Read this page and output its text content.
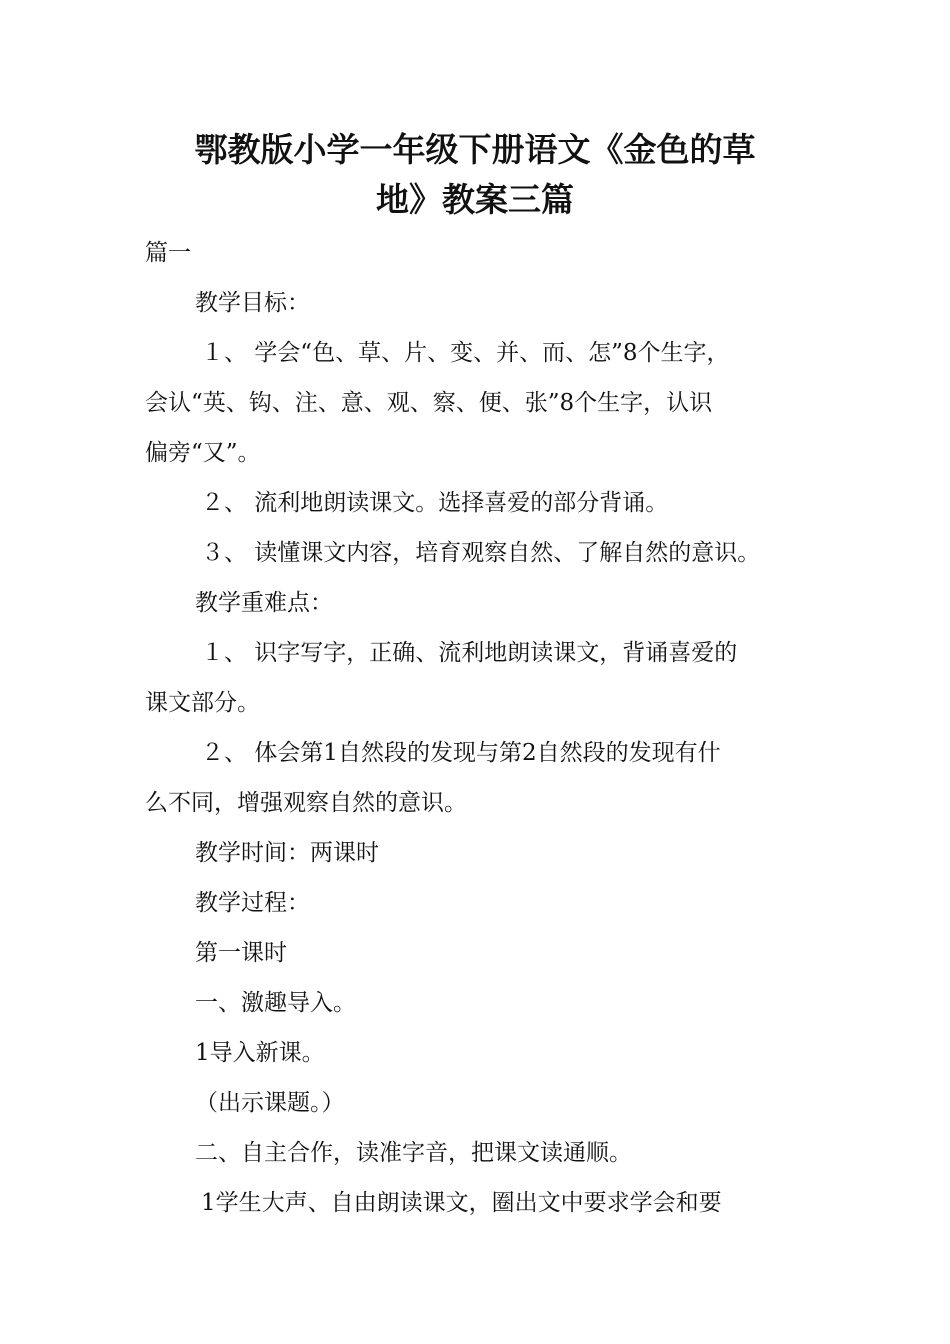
鄂教版小学一年级下册语文《金色的草
地》教案三篇

篇一

教学目标：

１、 学会“色、草、片、变、并、而、怎”8个生字，

会认“英、钩、注、意、观、察、便、张”8个生字，认识

偏旁“又”。

２、 流利地朗读课文。选择喜爱的部分背诵。

３、 读懂课文内容，培育观察自然、了解自然的意识。

教学重难点：

１、 识字写字，正确、流利地朗读课文，背诵喜爱的

课文部分。

２、 体会第1自然段的发现与第2自然段的发现有什

么不同，增强观察自然的意识。

教学时间：两课时

教学过程：

第一课时

一、激趣导入。

1导入新课。

（出示课题。）

二、自主合作，读准字音，把课文读通顺。

1学生大声、自由朗读课文，圈出文中要求学会和要
